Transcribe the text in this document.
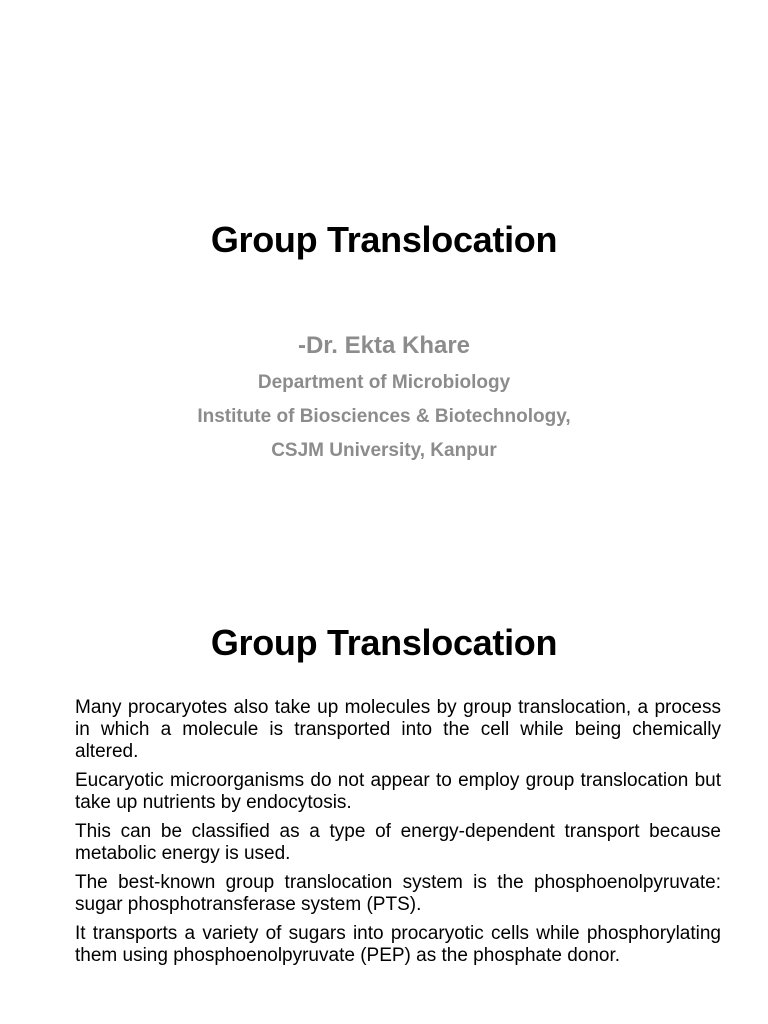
Group Translocation
-Dr. Ekta Khare
Department of Microbiology
Institute of Biosciences & Biotechnology,
CSJM University, Kanpur
Group Translocation

Many procaryotes also take up molecules by group translocation, a process in which a molecule is transported into the cell while being chemically altered.

Eucaryotic microorganisms do not appear to employ group translocation but take up nutrients by endocytosis.

This can be classified as a type of energy-dependent transport because metabolic energy is used.

The best-known group translocation system is the phosphoenolpyruvate: sugar phosphotransferase system (PTS).

It transports a variety of sugars into procaryotic cells while phosphorylating them using phosphoenolpyruvate (PEP) as the phosphate donor.
